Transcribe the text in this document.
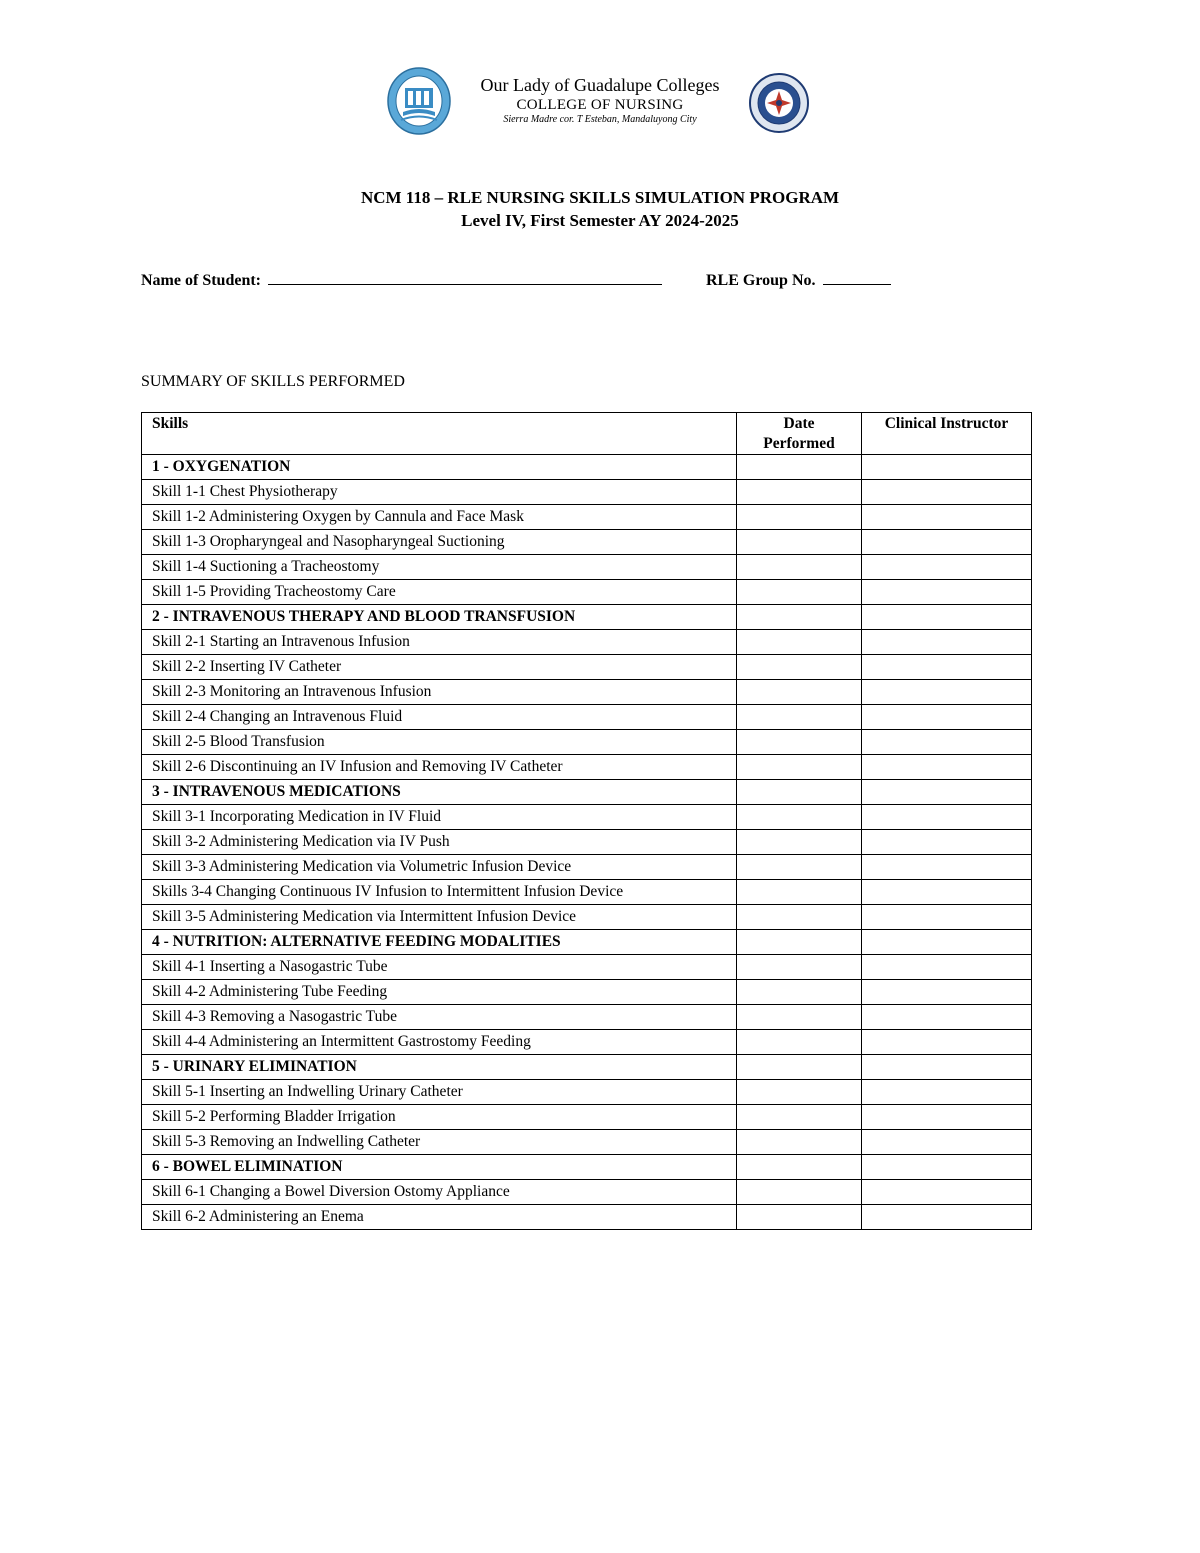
Our Lady of Guadalupe Colleges
COLLEGE OF NURSING
Sierra Madre cor. T Esteban, Mandaluyong City
NCM 118 – RLE NURSING SKILLS SIMULATION PROGRAM
Level IV, First Semester AY 2024-2025
Name of Student:	RLE Group No.
SUMMARY OF SKILLS PERFORMED
Skills	Date Performed	Clinical Instructor
1 - OXYGENATION		
Skill 1-1 Chest Physiotherapy		
Skill 1-2 Administering Oxygen by Cannula and Face Mask		
Skill 1-3 Oropharyngeal and Nasopharyngeal Suctioning		
Skill 1-4 Suctioning a Tracheostomy		
Skill 1-5 Providing Tracheostomy Care		
2 - INTRAVENOUS THERAPY AND BLOOD TRANSFUSION		
Skill 2-1 Starting an Intravenous Infusion		
Skill 2-2 Inserting IV Catheter		
Skill 2-3 Monitoring an Intravenous Infusion		
Skill 2-4 Changing an Intravenous Fluid		
Skill 2-5 Blood Transfusion		
Skill 2-6 Discontinuing an IV Infusion and Removing IV Catheter		
3 - INTRAVENOUS MEDICATIONS		
Skill 3-1 Incorporating Medication in IV Fluid		
Skill 3-2 Administering Medication via IV Push		
Skill 3-3 Administering Medication via Volumetric Infusion Device		
Skills 3-4 Changing Continuous IV Infusion to Intermittent Infusion Device		
Skill 3-5 Administering Medication via Intermittent Infusion Device		
4 - NUTRITION: ALTERNATIVE FEEDING MODALITIES		
Skill 4-1 Inserting a Nasogastric Tube		
Skill 4-2 Administering Tube Feeding		
Skill 4-3 Removing a Nasogastric Tube		
Skill 4-4 Administering an Intermittent Gastrostomy Feeding		
5 - URINARY ELIMINATION		
Skill 5-1 Inserting an Indwelling Urinary Catheter		
Skill 5-2 Performing Bladder Irrigation		
Skill 5-3 Removing an Indwelling Catheter		
6 - BOWEL ELIMINATION		
Skill 6-1 Changing a Bowel Diversion Ostomy Appliance		
Skill 6-2 Administering an Enema		
